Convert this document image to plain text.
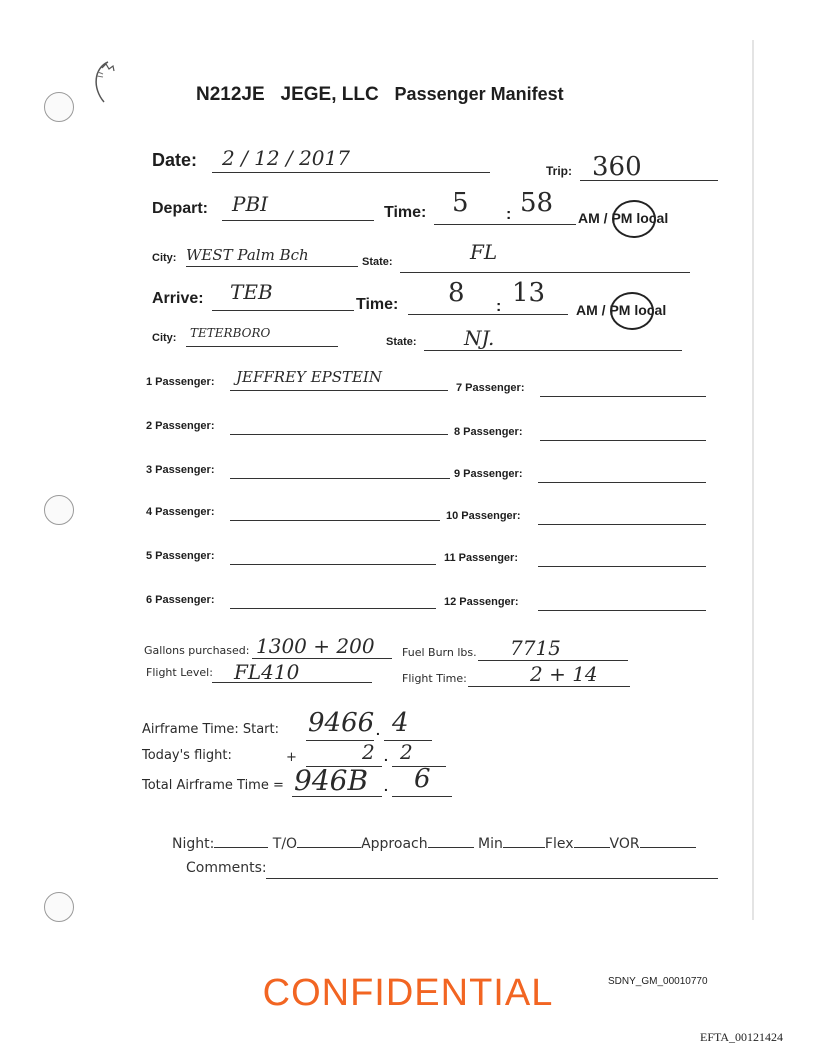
N212JE JEGE, LLC Passenger Manifest
Date: 2 / 12 / 2017
Trip: 360
Depart: PBI	Time: 5 : 58 AM / PM local
City: WEST Palm Bch	State:	FL
Arrive: TEB
Time: 8 : 13
AM / PM local
City: TETERBORO
State: NJ.
1 Passenger: JEFFREY EPSTEIN
2 Passenger:
3 Passenger:
4 Passenger:
5 Passenger:
6 Passenger:
7 Passenger:
8 Passenger:
9 Passenger:
10 Passenger:
11 Passenger:
12 Passenger:
Gallons purchased: 1300 + 200 Fuel Burn lbs. 7715
Flight Level: FL410	Flight Time:	2 + 14
Airframe Time: Start: 9466 . 4
Today's flight:	+	2 . 2
Total Airframe Time = 946B . 6
Night:	T/O	Approach	Min	Flex	VOR
Comments:
SDNY_GM_00010770
CONFIDENTIAL
EFTA_00121424
